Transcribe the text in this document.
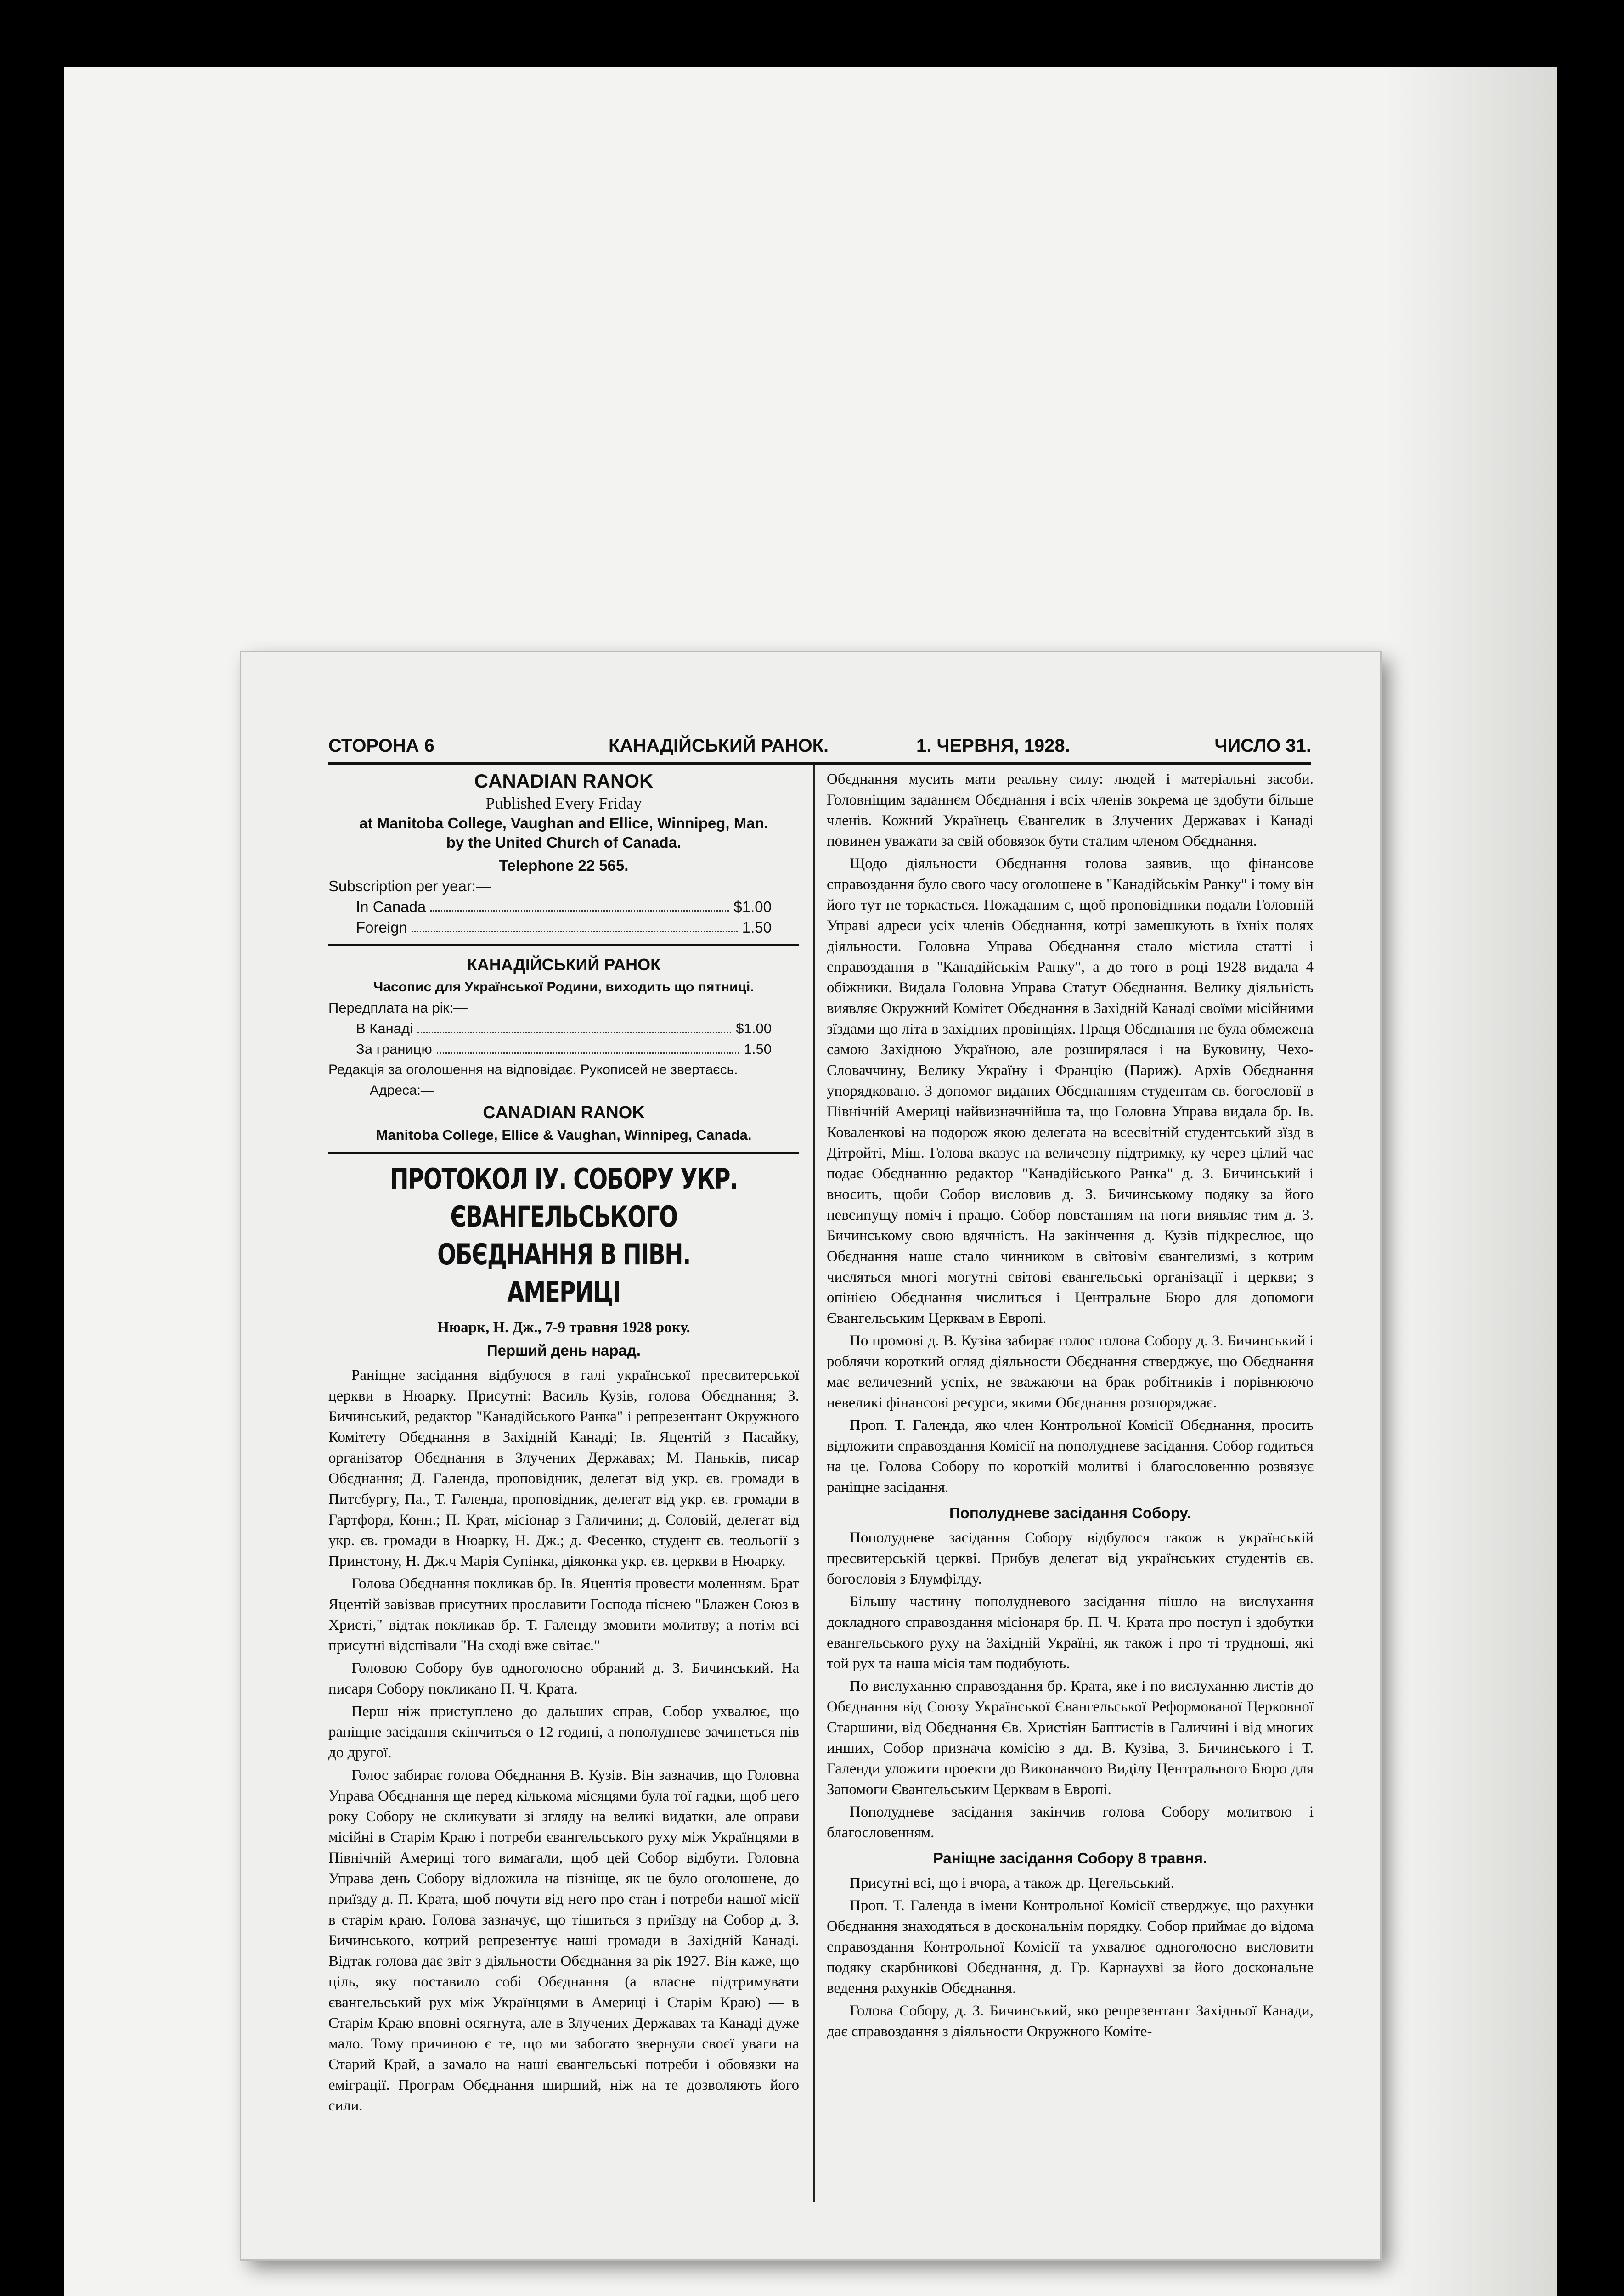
СТОРОНА 6	КАНАДІЙСЬКИЙ РАНОК.	1. ЧЕРВНЯ, 1928.	ЧИСЛО 31.
CANADIAN RANOK
Published Every Friday
at Manitoba College, Vaughan and Ellice, Winnipeg, Man.
by the United Church of Canada.
Telephone 22 565.
Subscription per year:—
In Canada	$1.00
Foreign	1.50
КАНАДІЙСЬКИЙ РАНОК
Часопис для Української Родини, виходить що пятниці.
Передплата на рік:—
В Канаді	$1.00
За границю	1.50
Редакція за оголошення на відповідає. Рукописей не звертаєсь.
Адреса:—
CANADIAN RANOK
Manitoba College, Ellice & Vaughan, Winnipeg, Canada.
ПРОТОКОЛ IУ. СОБОРУ УКР. ЄВАНГЕЛЬСЬКОГО
ОБЄДНАННЯ В ПІВН. АМЕРИЦІ
Нюарк, Н. Дж., 7-9 травня 1928 року.
Перший день нарад.

Раніщне засідання відбулося в галі української пресвитерської церкви в Нюарку. Присутні: Василь Кузів, голова Обєднання; З. Бичинський, редактор "Канадійського Ранка" і репрезентант Окружного Комітету Обєднання в Західній Канаді; Ів. Яцентій з Пасайку, організатор Обєднання в Злучених Державах; М. Паньків, писар Обєднання; Д. Галенда, проповідник, делегат від укр. єв. громади в Питсбургу, Па., Т. Галенда, проповідник, делегат від укр. єв. громади в Гартфорд, Конн.; П. Крат, місіонар з Галичини; д. Соловій, делегат від укр. єв. громади в Нюарку, Н. Дж.; д. Фесенко, студент єв. теольогії з Принстону, Н. Дж.ч Марія Супінка, діяконка укр. єв. церкви в Нюарку.

Голова Обєднання покликав бр. Ів. Яцентія провести моленням. Брат Яцентій завізвав присутних прославити Господа піснею "Блажен Союз в Христі," відтак покликав бр. Т. Галенду змовити молитву; а потім всі присутні відспівали "На сході вже світає."

Головою Собору був одноголосно обраний д. З. Бичинський. На писаря Собору покликано П. Ч. Крата.

Перш ніж приступлено до дальших справ, Собор ухвалює, що раніщне засідання скінчиться о 12 годині, а пополудневе зачинеться пів до другої.

Голос забирає голова Обєднання В. Кузів. Він зазначив, що Головна Управа Обєднання ще перед кількома місяцями була тої гадки, щоб цего року Собору не скликувати зі згляду на великі видатки, але оправи місійні в Старім Краю і потреби євангельського руху між Українцями в Північній Америці того вимагали, щоб цей Собор відбути. Головна Управа день Собору відложила на пізніще, як це було оголошене, до приїзду д. П. Крата, щоб почути від него про стан і потреби нашої місії в старім краю. Голова зазначує, що тішиться з приїзду на Собор д. З. Бичинського, котрий репрезентує наші громади в Західній Канаді. Відтак голова дає звіт з діяльности Обєднання за рік 1927. Він каже, що ціль, яку поставило собі Обєднання (а власне підтримувати євангельський рух між Українцями в Америці і Старім Краю) — в Старім Краю вповні осягнута, але в Злучених Державах та Канаді дуже мало. Тому причиною є те, що ми забогато звернули своєї уваги на Старий Край, а замало на наші євангельські потреби і обовязки на еміграції. Програм Обєднання ширший, ніж на те дозволяють його сили.

Обєднання мусить мати реальну силу: людей і матеріальні засоби. Головніщим заданнєм Обєднання і всіх членів зокрема це здобути більше членів. Кожний Українець Євангелик в Злучених Державах і Канаді повинен уважати за свій обовязок бути сталим членом Обєднання.

Щодо діяльности Обєднання голова заявив, що фінансове справоздання було свого часу оголошене в "Канадійськім Ранку" і тому він його тут не торкається. Пожаданим є, щоб проповідники подали Головній Управі адреси усіх членів Обєднання, котрі замешкують в їхніх полях діяльности. Головна Управа Обєднання стало містила статті і справоздання в "Канадійськім Ранку", а до того в році 1928 видала 4 обіжники. Видала Головна Управа Статут Обєднання. Велику діяльність виявляє Окружний Комітет Обєднання в Західній Канаді своїми місійними зїздами що літа в західних провінціях. Праця Обєднання не була обмежена самою Західною Україною, але розширялася і на Буковину, Чехо-Словаччину, Велику Україну і Францію (Париж). Архів Обєднання упорядковано. З допомог виданих Обєднанням студентам єв. богословії в Північній Америці найвизначнійша та, що Головна Управа видала бр. Ів. Коваленкові на подорож якою делегата на всесвітній студентський зїзд в Дітройті, Міш. Голова вказує на величезну підтримку, ку через цілий час подає Обєднанню редактор "Канадійського Ранка" д. З. Бичинський і вносить, щоби Собор висловив д. З. Бичинському подяку за його невсипущу поміч і працю. Собор повстанням на ноги виявляє тим д. З. Бичинському свою вдячність. На закінчення д. Кузів підкреслює, що Обєднання наше стало чинником в світовім євангелизмі, з котрим числяться многі могутні світові євангельські організації і церкви; з опінією Обєднання числиться і Центральне Бюро для допомоги Євангельським Церквам в Европі.

По промові д. В. Кузіва забирає голос голова Собору д. З. Бичинський і роблячи короткий огляд діяльности Обєднання стверджує, що Обєднання має величезний успіх, не зважаючи на брак робітників і порівнюючо невеликі фінансові ресурси, якими Обєднання розпоряджає.

Проп. Т. Галенда, яко член Контрольної Комісії Обєднання, просить відложити справоздання Комісії на пополудневе засідання. Собор годиться на це. Голова Собору по короткій молитві і благословенню розвязує раніщне засідання.

Пополудневе засідання Собору.

Пополудневе засідання Собору відбулося також в українській пресвитерській церкві. Прибув делегат від українських студентів єв. богословія з Блумфілду.

Більшу частину пополудневого засідання пішло на вислухання докладного справоздання місіонаря бр. П. Ч. Крата про поступ і здобутки евангельського руху на Західній Україні, як також і про ті трудноші, які той рух та наша місія там подибують.

По вислуханню справоздання бр. Крата, яке і по вислуханню листів до Обєднання від Союзу Української Євангельської Реформованої Церковної Старшини, від Обєднання Єв. Христіян Баптистів в Галичині і від многих инших, Собор признача комісію з дд. В. Кузіва, З. Бичинського і Т. Галенди уложити проекти до Виконавчого Виділу Центрального Бюро для Запомоги Євангельським Церквам в Европі.

Пополудневе засідання закінчив голова Собору молитвою і благословенням.

Раніщне засідання Собору 8 травня.

Присутні всі, що і вчора, а також др. Цегельський.

Проп. Т. Галенда в імени Контрольної Комісії стверджує, що рахунки Обєднання знаходяться в доскональнім порядку. Собор приймає до відома справоздання Контрольної Комісії та ухвалює одноголосно висловити подяку скарбникові Обєднання, д. Гр. Карнаухві за його доскональне ведення рахунків Обєднання.

Голова Собору, д. З. Бичинський, яко репрезентант Західньої Канади, дає справоздання з діяльности Окружного Коміте-
